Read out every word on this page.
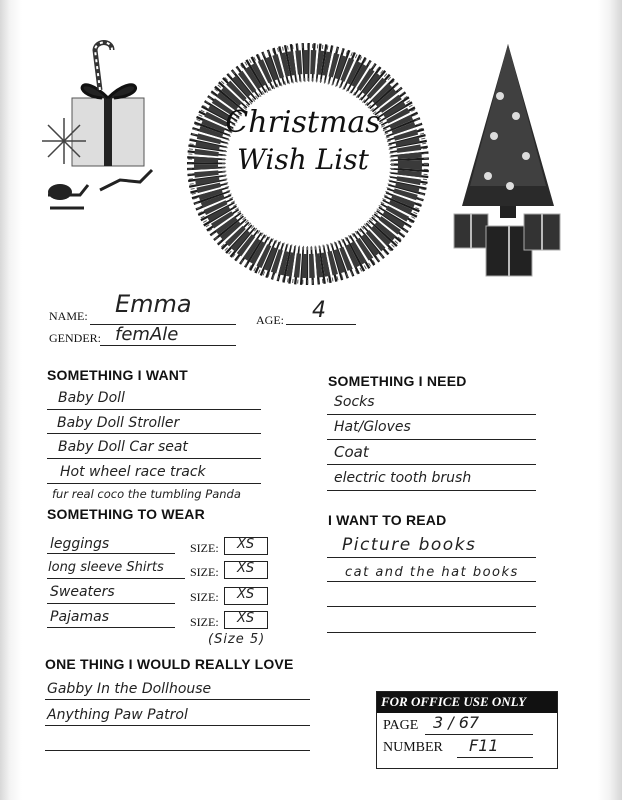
Christmas
Wish List
NAME: Emma
AGE: 4
GENDER: femAle
SOMETHING I WANT
Baby Doll
Baby Doll Stroller
Baby Doll Car seat
Hot wheel race track
fur real coco the tumbling Panda
SOMETHING I NEED
Socks
Hat/Gloves
Coat
electric tooth brush
SOMETHING TO WEAR
leggings	SIZE: XS
long sleeve Shirts SIZE: XS
Sweaters	SIZE: XS
Pajamas	SIZE: XS
(Size 5)
I WANT TO READ
Picture books
cat and the hat books
ONE THING I WOULD REALLY LOVE
Gabby In the Dollhouse
Anything Paw Patrol
FOR OFFICE USE ONLY
PAGE 3 / 67
NUMBER F11
